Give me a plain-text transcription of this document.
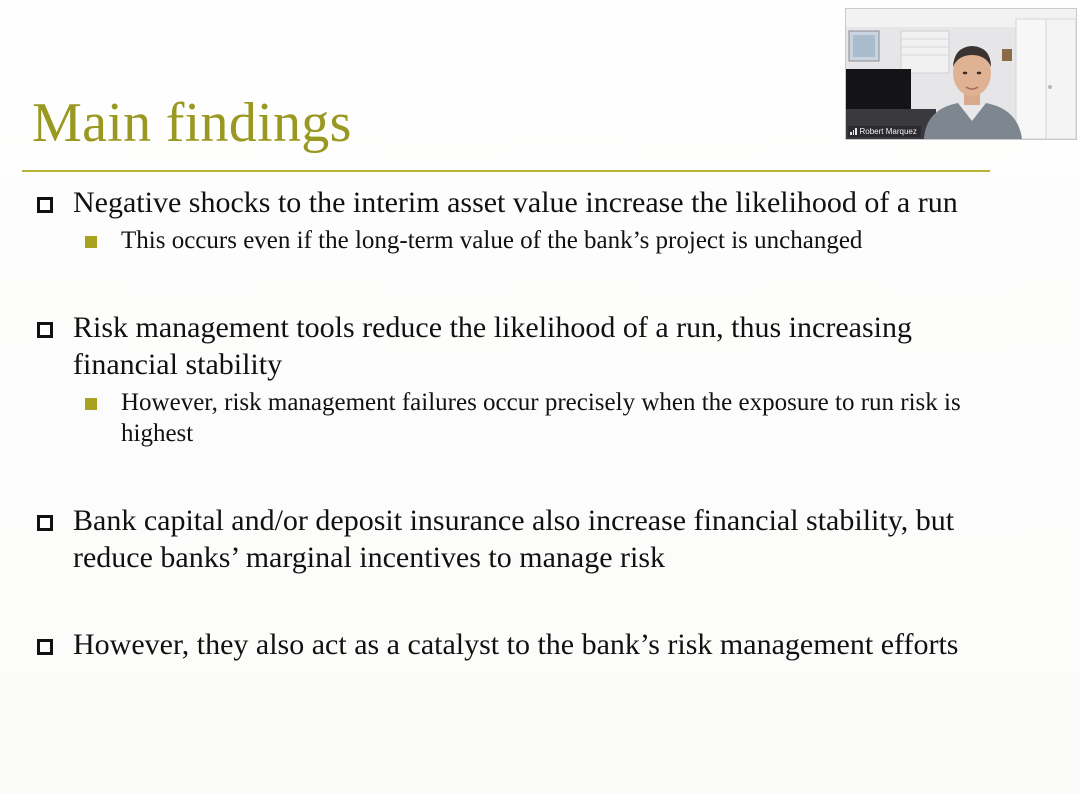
Main findings
Negative shocks to the interim asset value increase the likelihood of a run
This occurs even if the long-term value of the bank’s project is unchanged
Risk management tools reduce the likelihood of a run, thus increasing financial stability
However, risk management failures occur precisely when the exposure to run risk is highest
Bank capital and/or deposit insurance also increase financial stability, but reduce banks’ marginal incentives to manage risk
However, they also act as a catalyst to the bank’s risk management efforts
Robert Marquez
